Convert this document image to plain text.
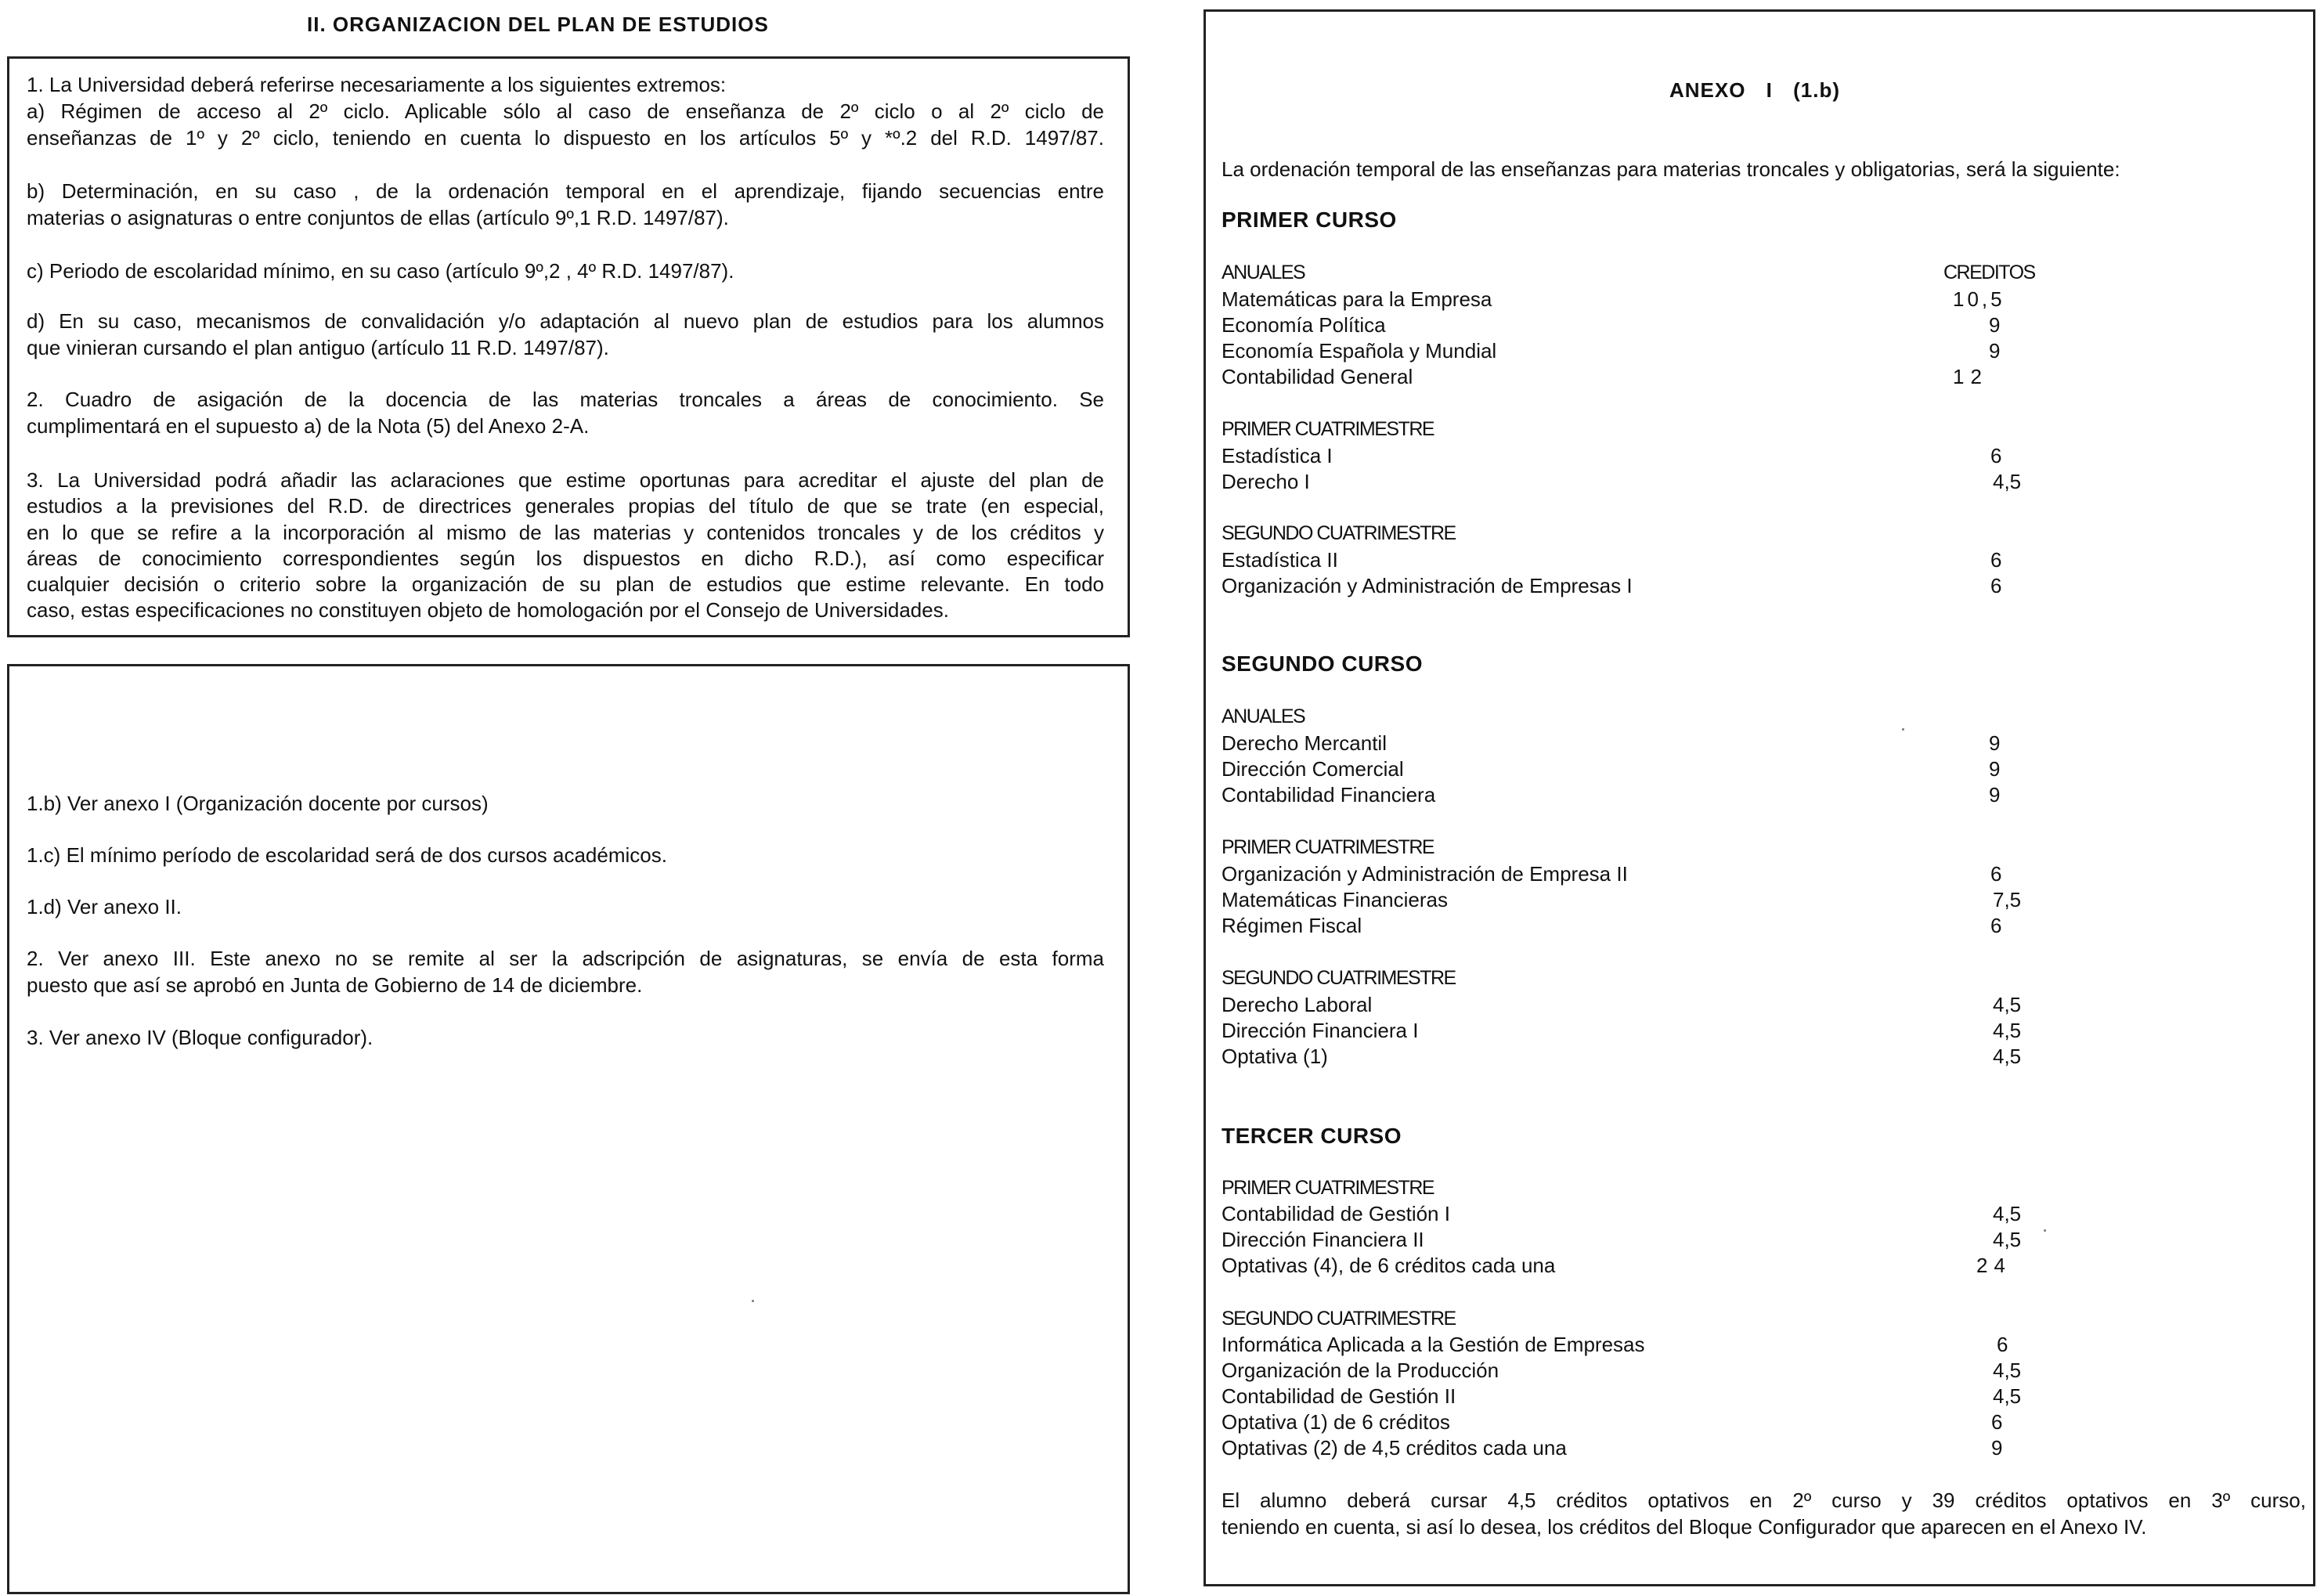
II. ORGANIZACION DEL PLAN DE ESTUDIOS
1. La Universidad deberá referirse necesariamente a los siguientes extremos:
a) Régimen de acceso al 2º ciclo. Aplicable sólo al caso de enseñanza de 2º ciclo o al 2º ciclo de
enseñanzas de 1º y 2º ciclo, teniendo en cuenta lo dispuesto en los artículos 5º y *º.2 del R.D. 1497/87.
b) Determinación, en su caso , de la ordenación temporal en el aprendizaje, fijando secuencias entre
materias o asignaturas o entre conjuntos de ellas (artículo 9º,1 R.D. 1497/87).
c) Periodo de escolaridad mínimo, en su caso (artículo 9º,2 , 4º R.D. 1497/87).
d) En su caso, mecanismos de convalidación y/o adaptación al nuevo plan de estudios para los alumnos
que vinieran cursando el plan antiguo (artículo 11 R.D. 1497/87).
2. Cuadro de asigación de la docencia de las materias troncales a áreas de conocimiento. Se
cumplimentará en el supuesto a) de la Nota (5) del Anexo 2-A.
3. La Universidad podrá añadir las aclaraciones que estime oportunas para acreditar el ajuste del plan de
estudios a la previsiones del R.D. de directrices generales propias del título de que se trate (en especial,
en lo que se refire a la incorporación al mismo de las materias y contenidos troncales y de los créditos y
áreas de conocimiento correspondientes según los dispuestos en dicho R.D.), así como especificar
cualquier decisión o criterio sobre la organización de su plan de estudios que estime relevante. En todo
caso, estas especificaciones no constituyen objeto de homologación por el Consejo de Universidades.
1.b) Ver anexo I (Organización docente por cursos)
1.c) El mínimo período de escolaridad será de dos cursos académicos.
1.d) Ver anexo II.
2. Ver anexo III. Este anexo no se remite al ser la adscripción de asignaturas, se envía de esta forma
puesto que así se aprobó en Junta de Gobierno de 14 de diciembre.
3. Ver anexo IV (Bloque configurador).
ANEXO I (1.b)
La ordenación temporal de las enseñanzas para materias troncales y obligatorias, será la siguiente:
PRIMER CURSO
ANUALES	CREDITOS
Matemáticas para la Empresa	10,5
Economía Política	9
Economía Española y Mundial	9
Contabilidad General	12
PRIMER CUATRIMESTRE
Estadística I	6
Derecho I	4,5
SEGUNDO CUATRIMESTRE
Estadística II	6
Organización y Administración de Empresas I	6
SEGUNDO CURSO
ANUALES
Derecho Mercantil	9
Dirección Comercial	9
Contabilidad Financiera	9
PRIMER CUATRIMESTRE
Organización y Administración de Empresa II	6
Matemáticas Financieras	7,5
Régimen Fiscal	6
SEGUNDO CUATRIMESTRE
Derecho Laboral	4,5
Dirección Financiera I	4,5
Optativa (1)	4,5
TERCER CURSO
PRIMER CUATRIMESTRE
Contabilidad de Gestión I	4,5
Dirección Financiera II	4,5
Optativas (4), de 6 créditos cada una	24
SEGUNDO CUATRIMESTRE
Informática Aplicada a la Gestión de Empresas	6
Organización de la Producción	4,5
Contabilidad de Gestión II	4,5
Optativa (1) de 6 créditos	6
Optativas (2) de 4,5 créditos cada una	9
El alumno deberá cursar 4,5 créditos optativos en 2º curso y 39 créditos optativos en 3º curso,
teniendo en cuenta, si así lo desea, los créditos del Bloque Configurador que aparecen en el Anexo IV.
